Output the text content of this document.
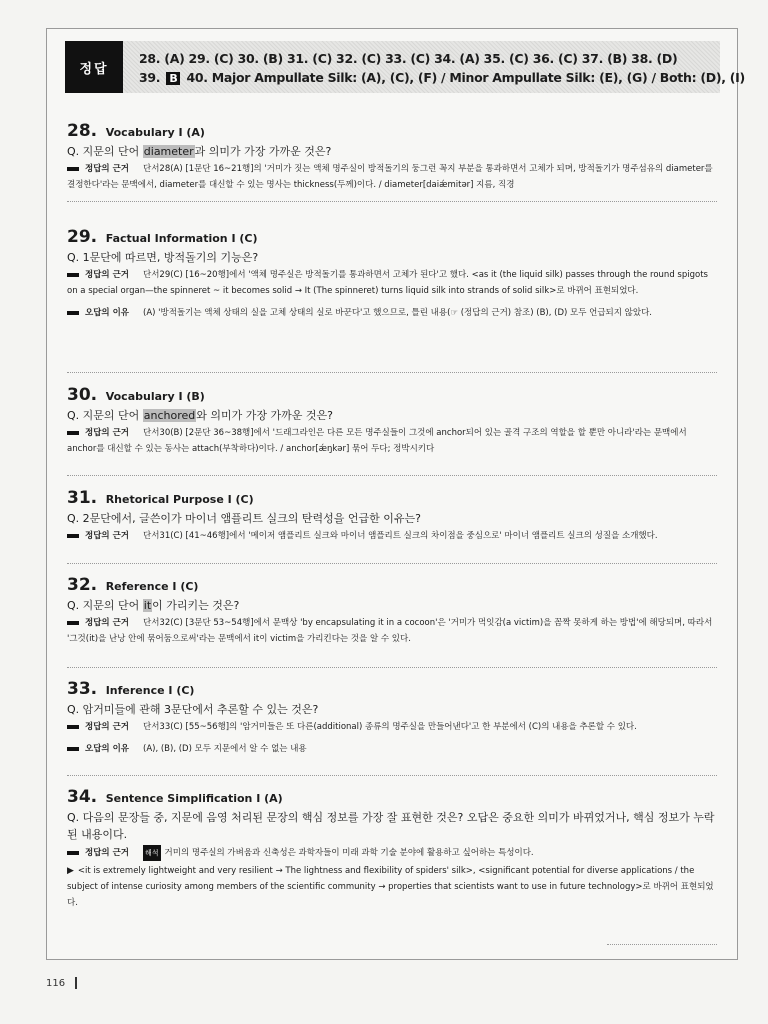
정답
28. (A) 29. (C) 30. (B) 31. (C) 32. (C) 33. (C) 34. (A) 35. (C) 36. (C) 37. (B) 38. (D)
39. B 40. Major Ampullate Silk: (A), (C), (F) / Minor Ampullate Silk: (E), (G) / Both: (D), (I)
28. Vocabulary I (A)
Q. 지문의 단어 diameter과 의미가 가장 가까운 것은?
정답의 근거 단서28(A) [1문단 16~21행]의 '거미가 짓는 액체 명주실이 방적돌기의 둥그런 꼭지 부분을 통과하면서 고체가 되며, 방적돌기가 명주섬유의 diameter를 결정한다'라는 문맥에서, diameter를 대신할 수 있는 명사는 thickness(두께)이다. / diameter[daiǽmitər] 지름, 직경
29. Factual Information I (C)
Q. 1문단에 따르면, 방적돌기의 기능은?
정답의 근거 단서29(C) [16~20행]에서 '액체 명주실은 방적돌기를 통과하면서 고체가 된다'고 했다. <as it (the liquid silk) passes through the round spigots on a special organ—the spinneret ~ it becomes solid → It (The spinneret) turns liquid silk into strands of solid silk>로 바뀌어 표현되었다.
오답의 이유 (A) '방적돌기는 액체 상태의 실을 고체 상태의 실로 바꾼다'고 했으므로, 틀린 내용(☞ (정답의 근거) 참조) (B), (D) 모두 언급되지 않았다.
30. Vocabulary I (B)
Q. 지문의 단어 anchored와 의미가 가장 가까운 것은?
정답의 근거 단서30(B) [2문단 36~38행]에서 '드래그라인은 다른 모든 명주실들이 그것에 anchor되어 있는 골격 구조의 역할을 할 뿐만 아니라'라는 문맥에서 anchor를 대신할 수 있는 동사는 attach(부착하다)이다. / anchor[ǽŋkər] 묶어 두다; 정박시키다
31. Rhetorical Purpose I (C)
Q. 2문단에서, 글쓴이가 마이너 앰플리트 실크의 탄력성을 언급한 이유는?
정답의 근거 단서31(C) [41~46행]에서 '메이저 앰플리트 실크와 마이너 앰플리트 실크의 차이점을 중심으로' 마이너 앰플리트 실크의 성질을 소개했다.
32. Reference I (C)
Q. 지문의 단어 it이 가리키는 것은?
정답의 근거 단서32(C) [3문단 53~54행]에서 문맥상 'by encapsulating it in a cocoon'은 '거미가 먹잇감(a victim)을 꼼짝 못하게 하는 방법'에 해당되며, 따라서 '그것(it)을 난낭 안에 묶어둠으로써'라는 문맥에서 it이 victim을 가리킨다는 것을 알 수 있다.
33. Inference I (C)
Q. 암거미들에 관해 3문단에서 추론할 수 있는 것은?
정답의 근거 단서33(C) [55~56행]의 '암거미들은 또 다른(additional) 종류의 명주실을 만들어낸다'고 한 부분에서 (C)의 내용을 추론할 수 있다.
오답의 이유 (A), (B), (D) 모두 지문에서 알 수 없는 내용
34. Sentence Simplification I (A)
Q. 다음의 문장들 중, 지문에 음영 처리된 문장의 핵심 정보를 가장 잘 표현한 것은? 오답은 중요한 의미가 바뀌었거나, 핵심 정보가 누락된 내용이다.
정답의 근거 해석 거미의 명주실의 가벼움과 신축성은 과학자들이 미래 과학 기술 분야에 활용하고 싶어하는 특성이다.
▶ <it is extremely lightweight and very resilient → The lightness and flexibility of spiders' silk>, <significant potential for diverse applications / the subject of intense curiosity among members of the scientific community → properties that scientists want to use in future technology>로 바뀌어 표현되었다.
116
